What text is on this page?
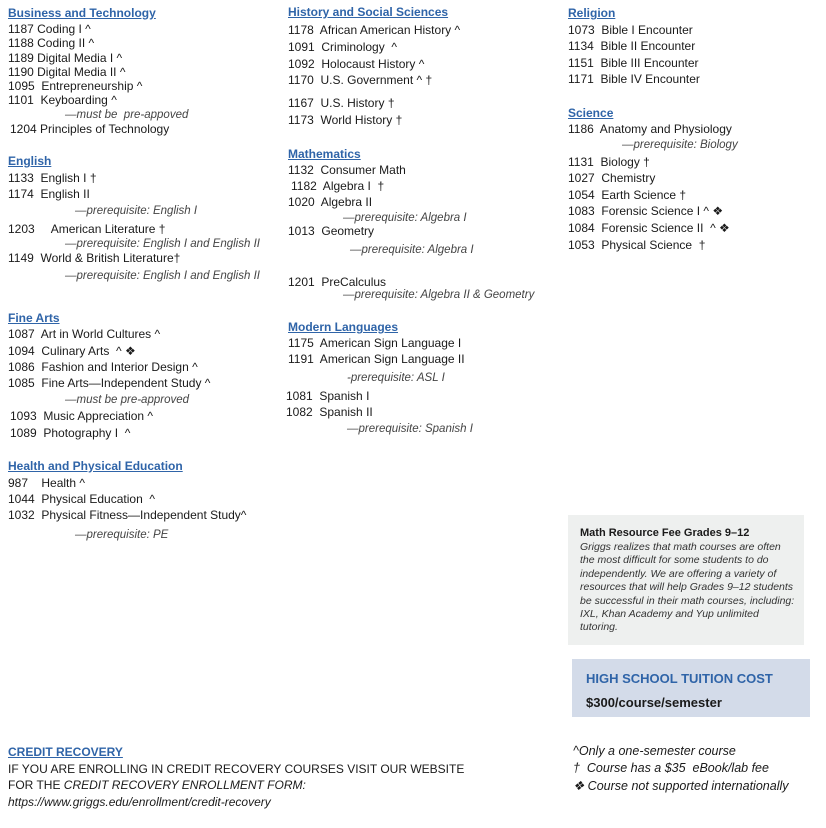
Business and Technology
1187 Coding I ^
1188 Coding II ^
1189 Digital Media I ^
1190 Digital Media II ^
1095  Entrepreneurship ^
1101  Keyboarding ^
—must be  pre-appoved
1204 Principles of Technology
English
1133  English I †
1174  English II
—prerequisite: English I
1203     American Literature †
—prerequisite: English I and English II
1149  World & British Literature†
—prerequisite: English I and English II
Fine Arts
1087  Art in World Cultures ^
1094  Culinary Arts  ^ ❖
1086  Fashion and Interior Design ^
1085  Fine Arts—Independent Study ^
—must be pre-approved
1093  Music Appreciation ^
1089  Photography I  ^
Health and Physical Education
987    Health ^
1044  Physical Education  ^
1032  Physical Fitness—Independent Study^
—prerequisite: PE
History and Social Sciences
1178  African American History ^
1091  Criminology  ^
1092  Holocaust History ^
1170  U.S. Government ^ †
1167  U.S. History †
1173  World History †
Mathematics
1132  Consumer Math
1182  Algebra I  †
1020  Algebra II
—prerequisite: Algebra I
1013  Geometry
—prerequisite: Algebra I
1201  PreCalculus
—prerequisite: Algebra II & Geometry
Modern Languages
1175  American Sign Language I
1191  American Sign Language II
-prerequisite: ASL I
1081  Spanish I
1082  Spanish II
—prerequisite: Spanish I
Religion
1073  Bible I Encounter
1134  Bible II Encounter
1151  Bible III Encounter
1171  Bible IV Encounter
Science
1186  Anatomy and Physiology
—prerequisite: Biology
1131  Biology †
1027  Chemistry
1054  Earth Science †
1083  Forensic Science I ^ ❖
1084  Forensic Science II  ^ ❖
1053  Physical Science  †
Math Resource Fee Grades 9–12
Griggs realizes that math courses are often the most difficult for some students to do independently. We are offering a variety of resources that will help Grades 9–12 students be successful in their math courses, including: IXL, Khan Academy and Yup unlimited tutoring.
HIGH SCHOOL TUITION COST
$300/course/semester
CREDIT RECOVERY
IF YOU ARE ENROLLING IN CREDIT RECOVERY COURSES VISIT OUR WEBSITE
FOR THE CREDIT RECOVERY ENROLLMENT FORM:
https://www.griggs.edu/enrollment/credit-recovery
^Only a one-semester course
†  Course has a $35  eBook/lab fee
❖ Course not supported internationally
